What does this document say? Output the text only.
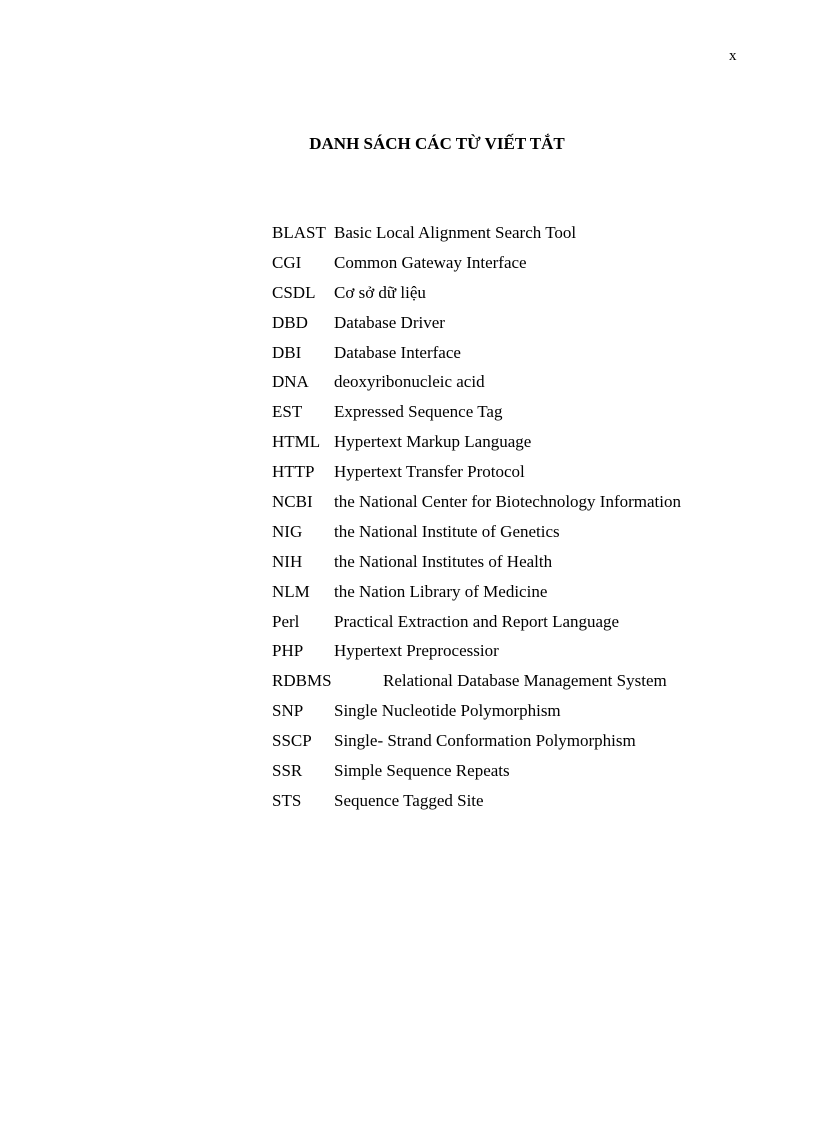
x
DANH SÁCH CÁC TỪ VIẾT TẮT
BLAST Basic Local Alignment Search Tool
CGI Common Gateway Interface
CSDL Cơ sở dữ liệu
DBD Database Driver
DBI Database Interface
DNA deoxyribonucleic acid
EST Expressed Sequence Tag
HTML Hypertext Markup Language
HTTP Hypertext Transfer Protocol
NCBI the National Center for Biotechnology Information
NIG the National Institute of Genetics
NIH the National Institutes of Health
NLM the Nation Library of Medicine
Perl Practical Extraction and Report Language
PHP Hypertext Preprocessior
RDBMS	Relational Database Management System
SNP Single Nucleotide Polymorphism
SSCP Single- Strand Conformation Polymorphism
SSR Simple Sequence Repeats
STS Sequence Tagged Site
